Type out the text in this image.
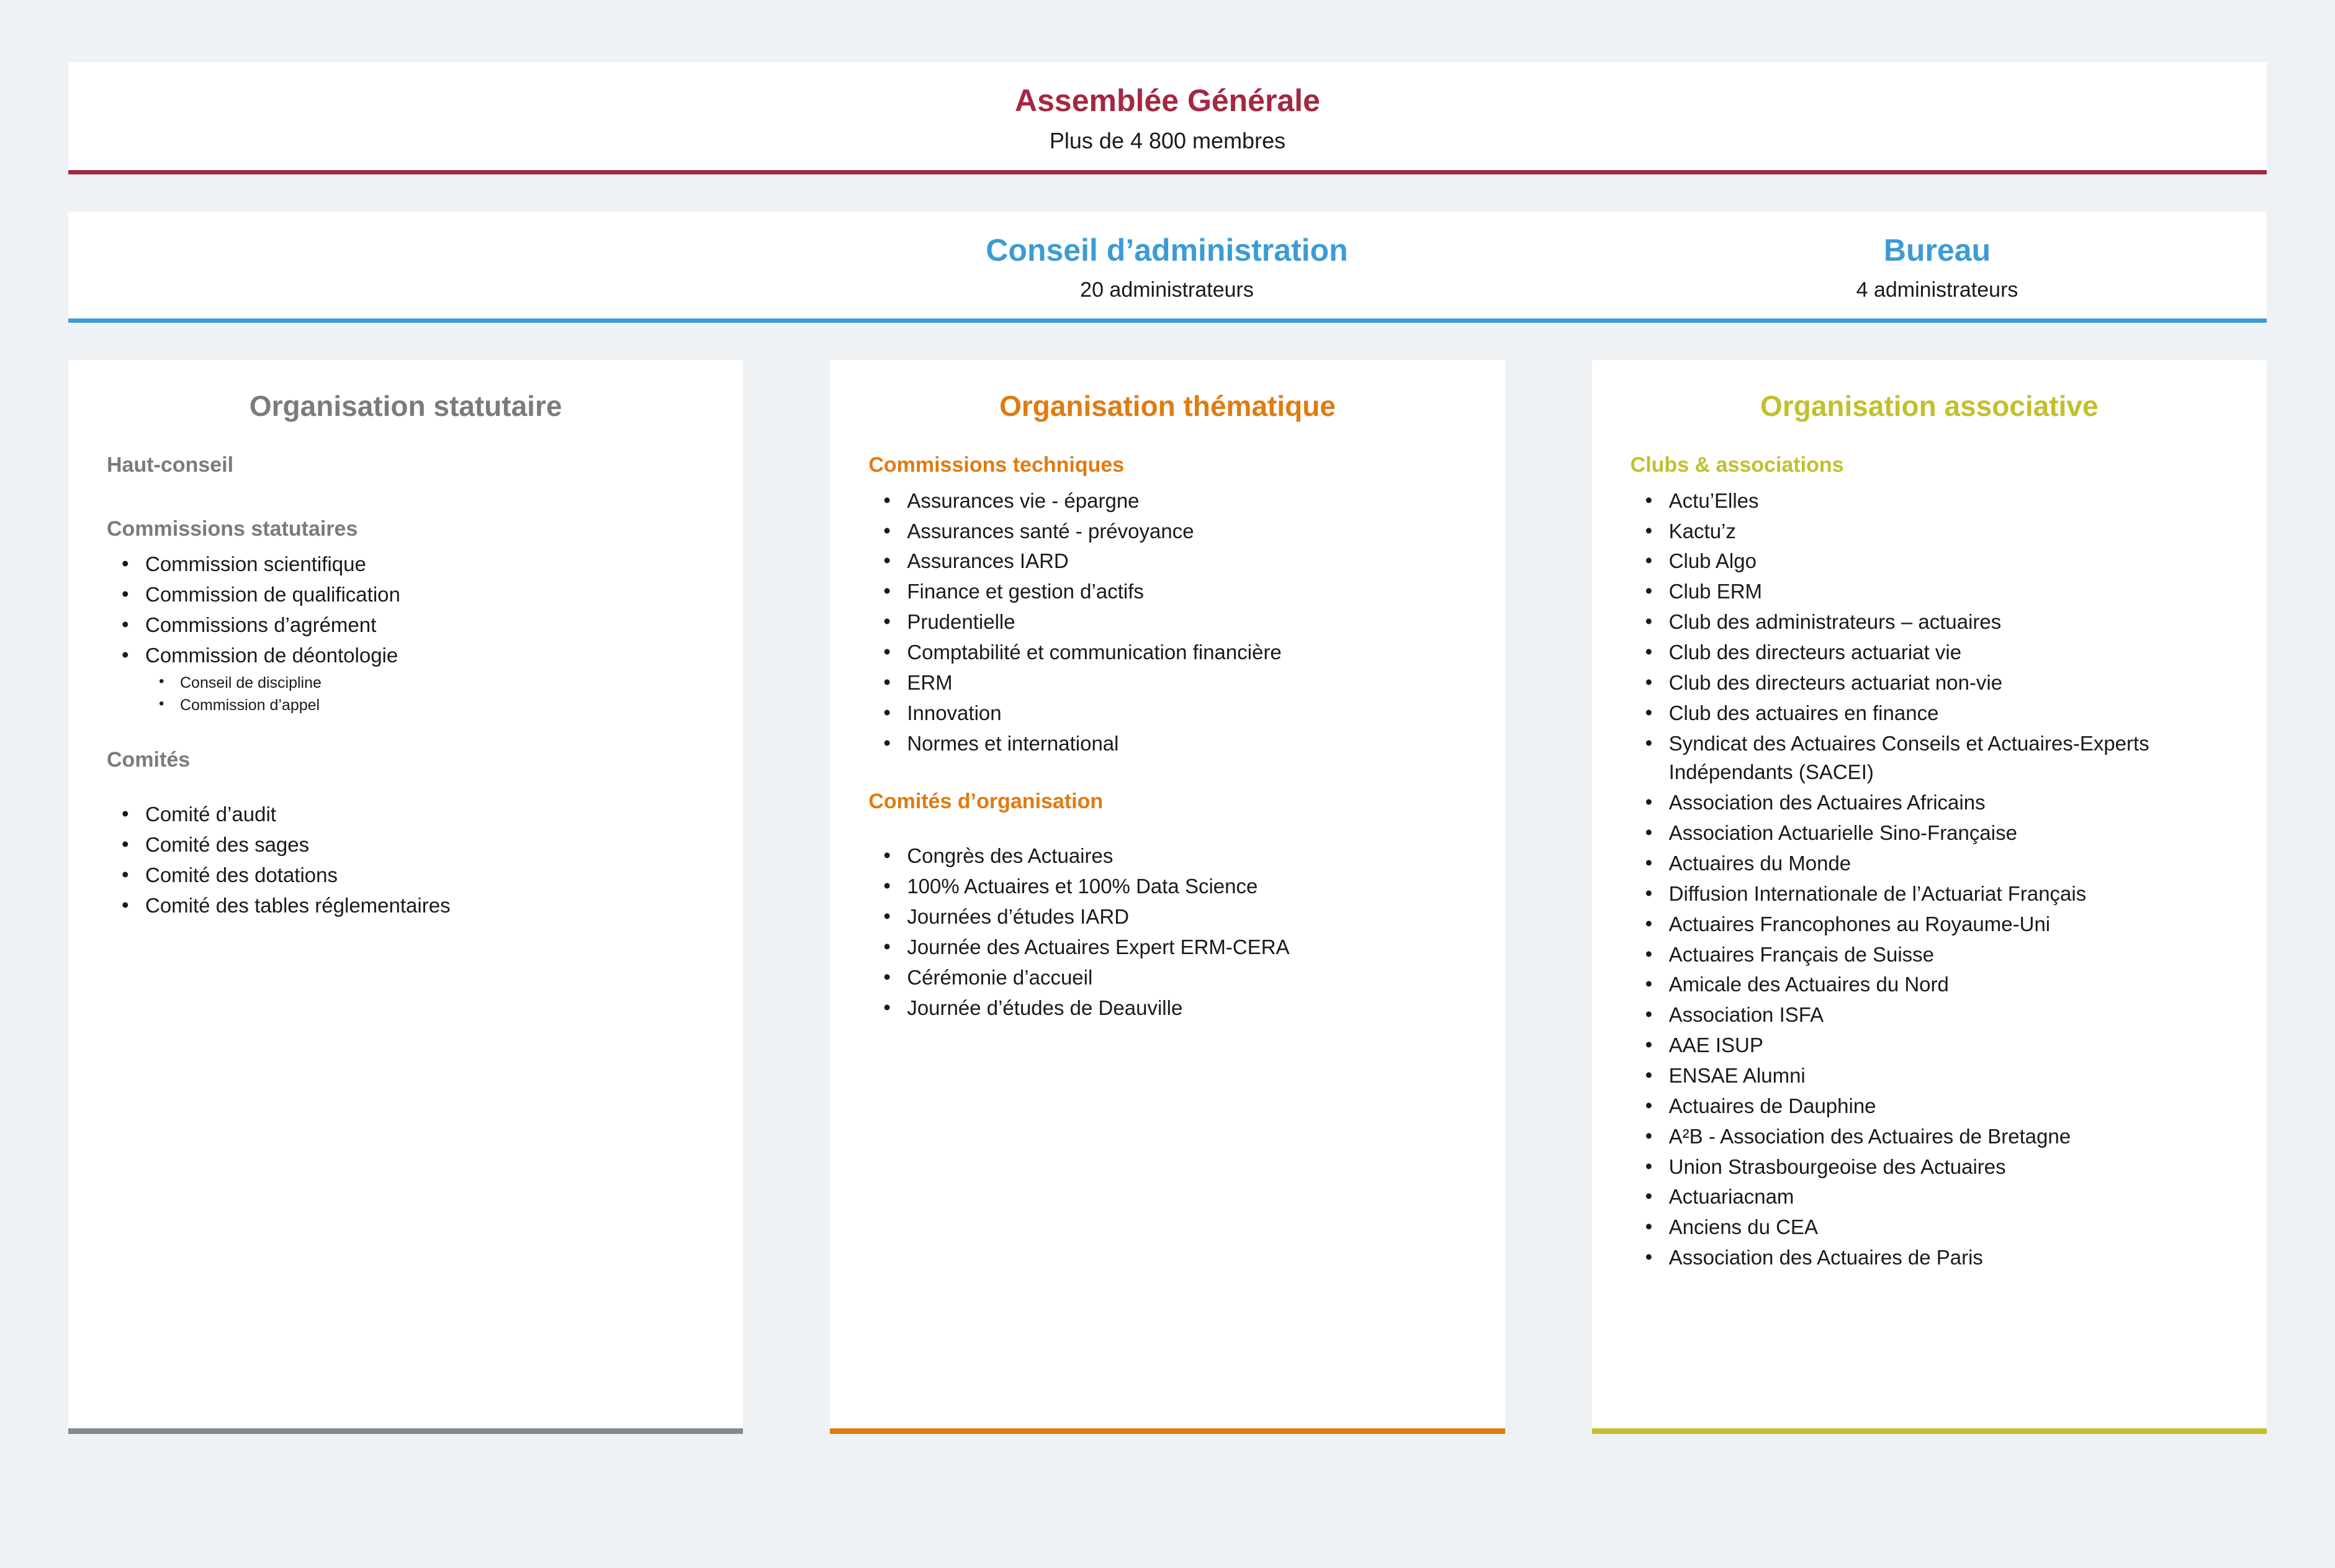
Assemblée Générale
Plus de 4 800 membres
Conseil d’administration
20 administrateurs
Bureau
4 administrateurs
Organisation statutaire
Haut-conseil
Commissions statutaires
• Commission scientifique
• Commission de qualification
• Commissions d’agrément
• Commission de déontologie
• Conseil de discipline
• Commission d’appel
Comités
• Comité d’audit
• Comité des sages
• Comité des dotations
• Comité des tables réglementaires
Organisation thématique
Commissions techniques
• Assurances vie - épargne
• Assurances santé - prévoyance
• Assurances IARD
• Finance et gestion d’actifs
• Prudentielle
• Comptabilité et communication financière
• ERM
• Innovation
• Normes et international
Comités d’organisation
• Congrès des Actuaires
• 100% Actuaires et 100% Data Science
• Journées d’études IARD
• Journée des Actuaires Expert ERM-CERA
• Cérémonie d’accueil
• Journée d’études de Deauville
Organisation associative
Clubs & associations
• Actu’Elles
• Kactu’z
• Club Algo
• Club ERM
• Club des administrateurs – actuaires
• Club des directeurs actuariat vie
• Club des directeurs actuariat non-vie
• Club des actuaires en finance
• Syndicat des Actuaires Conseils et Actuaires-Experts Indépendants (SACEI)
• Association des Actuaires Africains
• Association Actuarielle Sino-Française
• Actuaires du Monde
• Diffusion Internationale de l’Actuariat Français
• Actuaires Francophones au Royaume-Uni
• Actuaires Français de Suisse
• Amicale des Actuaires du Nord
• Association ISFA
• AAE ISUP
• ENSAE Alumni
• Actuaires de Dauphine
• A²B - Association des Actuaires de Bretagne
• Union Strasbourgeoise des Actuaires
• Actuariacnam
• Anciens du CEA
• Association des Actuaires de Paris
